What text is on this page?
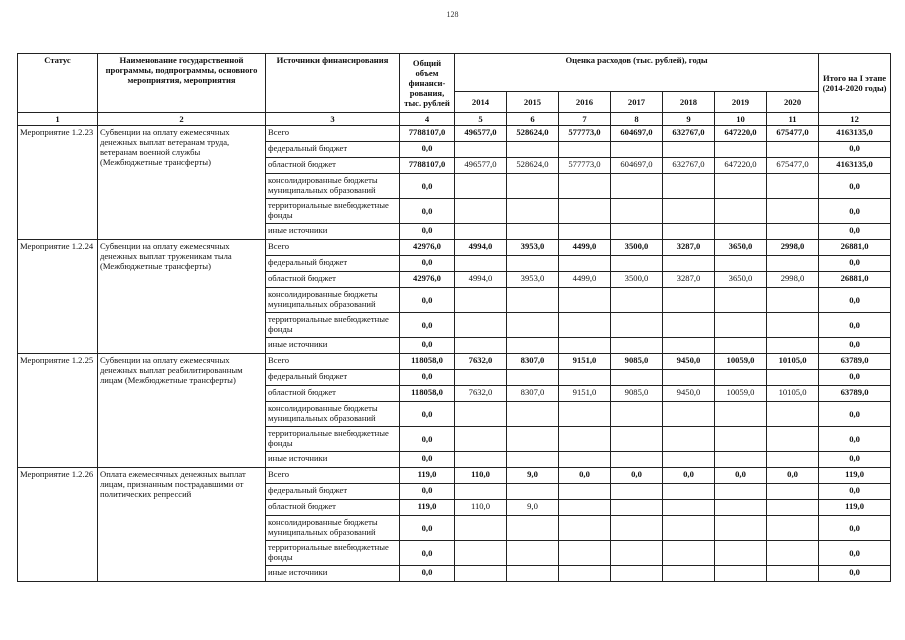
128
Статус	Наименование государственной программы, подпрограммы, основного мероприятия, мероприятия	Источники финансирования	Общий объем финанси-рования, тыс. рублей	Оценка расходов (тыс. рублей), годы							Итого на I этапе (2014-2020 годы)
				2014	2015	2016	2017	2018	2019	2020	
1	2	3	4	5	6	7	8	9	10	11	12
Мероприятие 1.2.23	Субвенции на оплату ежемесячных денежных выплат ветеранам труда, ветеранам военной службы (Межбюджетные трансферты)	Всего	7788107,0	496577,0	528624,0	577773,0	604697,0	632767,0	647220,0	675477,0	4163135,0
		федеральный бюджет	0,0								0,0
		областной бюджет	7788107,0	496577,0	528624,0	577773,0	604697,0	632767,0	647220,0	675477,0	4163135,0
		консолидированные бюджеты муниципальных образований	0,0								0,0
		территориальные внебюджетные фонды	0,0								0,0
		иные источники	0,0								0,0
Мероприятие 1.2.24	Субвенции на оплату ежемесячных денежных выплат труженикам тыла (Межбюджетные трансферты)	Всего	42976,0	4994,0	3953,0	4499,0	3500,0	3287,0	3650,0	2998,0	26881,0
		федеральный бюджет	0,0								0,0
		областной бюджет	42976,0	4994,0	3953,0	4499,0	3500,0	3287,0	3650,0	2998,0	26881,0
		консолидированные бюджеты муниципальных образований	0,0								0,0
		территориальные внебюджетные фонды	0,0								0,0
		иные источники	0,0								0,0
Мероприятие 1.2.25	Субвенции на оплату ежемесячных денежных выплат реабилитированным лицам (Межбюджетные трансферты)	Всего	118058,0	7632,0	8307,0	9151,0	9085,0	9450,0	10059,0	10105,0	63789,0
		федеральный бюджет	0,0								0,0
		областной бюджет	118058,0	7632,0	8307,0	9151,0	9085,0	9450,0	10059,0	10105,0	63789,0
		консолидированные бюджеты муниципальных образований	0,0								0,0
		территориальные внебюджетные фонды	0,0								0,0
		иные источники	0,0								0,0
Мероприятие 1.2.26	Оплата ежемесячных денежных выплат лицам, признанным пострадавшими от политических репрессий	Всего	119,0	110,0	9,0	0,0	0,0	0,0	0,0	0,0	119,0
		федеральный бюджет	0,0								0,0
		областной бюджет	119,0	110,0	9,0						119,0
		консолидированные бюджеты муниципальных образований	0,0								0,0
		территориальные внебюджетные фонды	0,0								0,0
		иные источники	0,0								0,0
